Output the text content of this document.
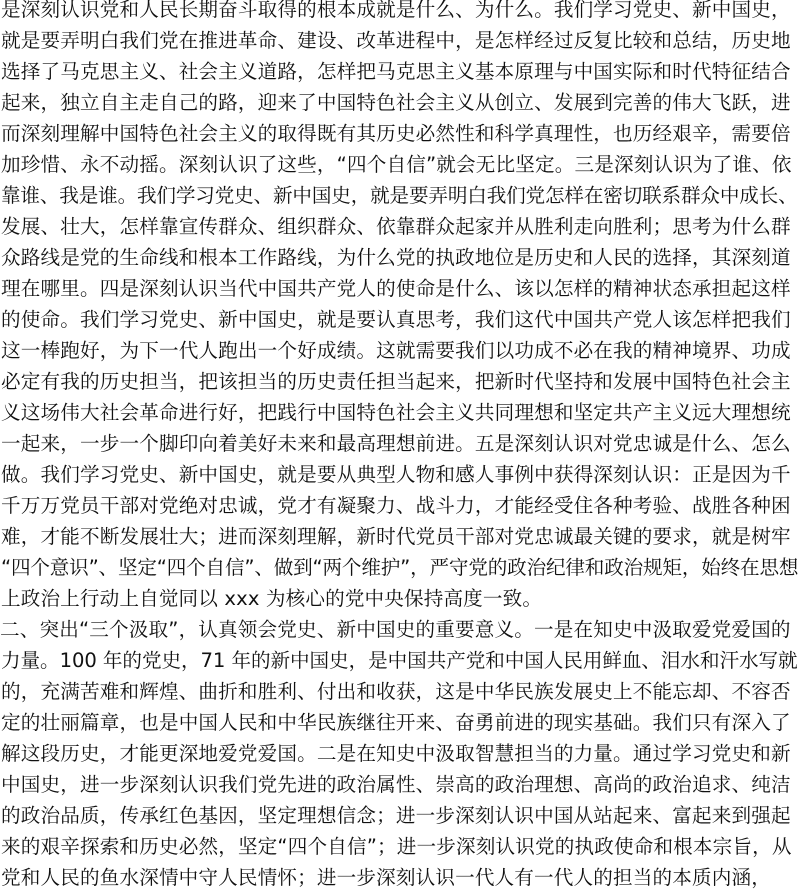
是深刻认识党和人民长期奋斗取得的根本成就是什么、为什么。我们学习党史、新中国史，
就是要弄明白我们党在推进革命、建设、改革进程中，是怎样经过反复比较和总结，历史地
选择了马克思主义、社会主义道路，怎样把马克思主义基本原理与中国实际和时代特征结合
起来，独立自主走自己的路，迎来了中国特色社会主义从创立、发展到完善的伟大飞跃，进
而深刻理解中国特色社会主义的取得既有其历史必然性和科学真理性，也历经艰辛，需要倍
加珍惜、永不动摇。深刻认识了这些，“四个自信”就会无比坚定。三是深刻认识为了谁、依
靠谁、我是谁。我们学习党史、新中国史，就是要弄明白我们党怎样在密切联系群众中成长、
发展、壮大，怎样靠宣传群众、组织群众、依靠群众起家并从胜利走向胜利；思考为什么群
众路线是党的生命线和根本工作路线，为什么党的执政地位是历史和人民的选择，其深刻道
理在哪里。四是深刻认识当代中国共产党人的使命是什么、该以怎样的精神状态承担起这样
的使命。我们学习党史、新中国史，就是要认真思考，我们这代中国共产党人该怎样把我们
这一棒跑好，为下一代人跑出一个好成绩。这就需要我们以功成不必在我的精神境界、功成
必定有我的历史担当，把该担当的历史责任担当起来，把新时代坚持和发展中国特色社会主
义这场伟大社会革命进行好，把践行中国特色社会主义共同理想和坚定共产主义远大理想统
一起来，一步一个脚印向着美好未来和最高理想前进。五是深刻认识对党忠诚是什么、怎么
做。我们学习党史、新中国史，就是要从典型人物和感人事例中获得深刻认识：正是因为千
千万万党员干部对党绝对忠诚，党才有凝聚力、战斗力，才能经受住各种考验、战胜各种困
难，才能不断发展壮大；进而深刻理解，新时代党员干部对党忠诚最关键的要求，就是树牢
“四个意识”、坚定“四个自信”、做到“两个维护”，严守党的政治纪律和政治规矩，始终在思想
上政治上行动上自觉同以 xxx 为核心的党中央保持高度一致。
二、突出“三个汲取”，认真领会党史、新中国史的重要意义。一是在知史中汲取爱党爱国的
力量。100 年的党史，71 年的新中国史，是中国共产党和中国人民用鲜血、泪水和汗水写就
的，充满苦难和辉煌、曲折和胜利、付出和收获，这是中华民族发展史上不能忘却、不容否
定的壮丽篇章，也是中国人民和中华民族继往开来、奋勇前进的现实基础。我们只有深入了
解这段历史，才能更深地爱党爱国。二是在知史中汲取智慧担当的力量。通过学习党史和新
中国史，进一步深刻认识我们党先进的政治属性、崇高的政治理想、高尚的政治追求、纯洁
的政治品质，传承红色基因，坚定理想信念；进一步深刻认识中国从站起来、富起来到强起
来的艰辛探索和历史必然，坚定“四个自信”；进一步深刻认识党的执政使命和根本宗旨，从
党和人民的鱼水深情中守人民情怀；进一步深刻认识一代人有一代人的担当的本质内涵，
